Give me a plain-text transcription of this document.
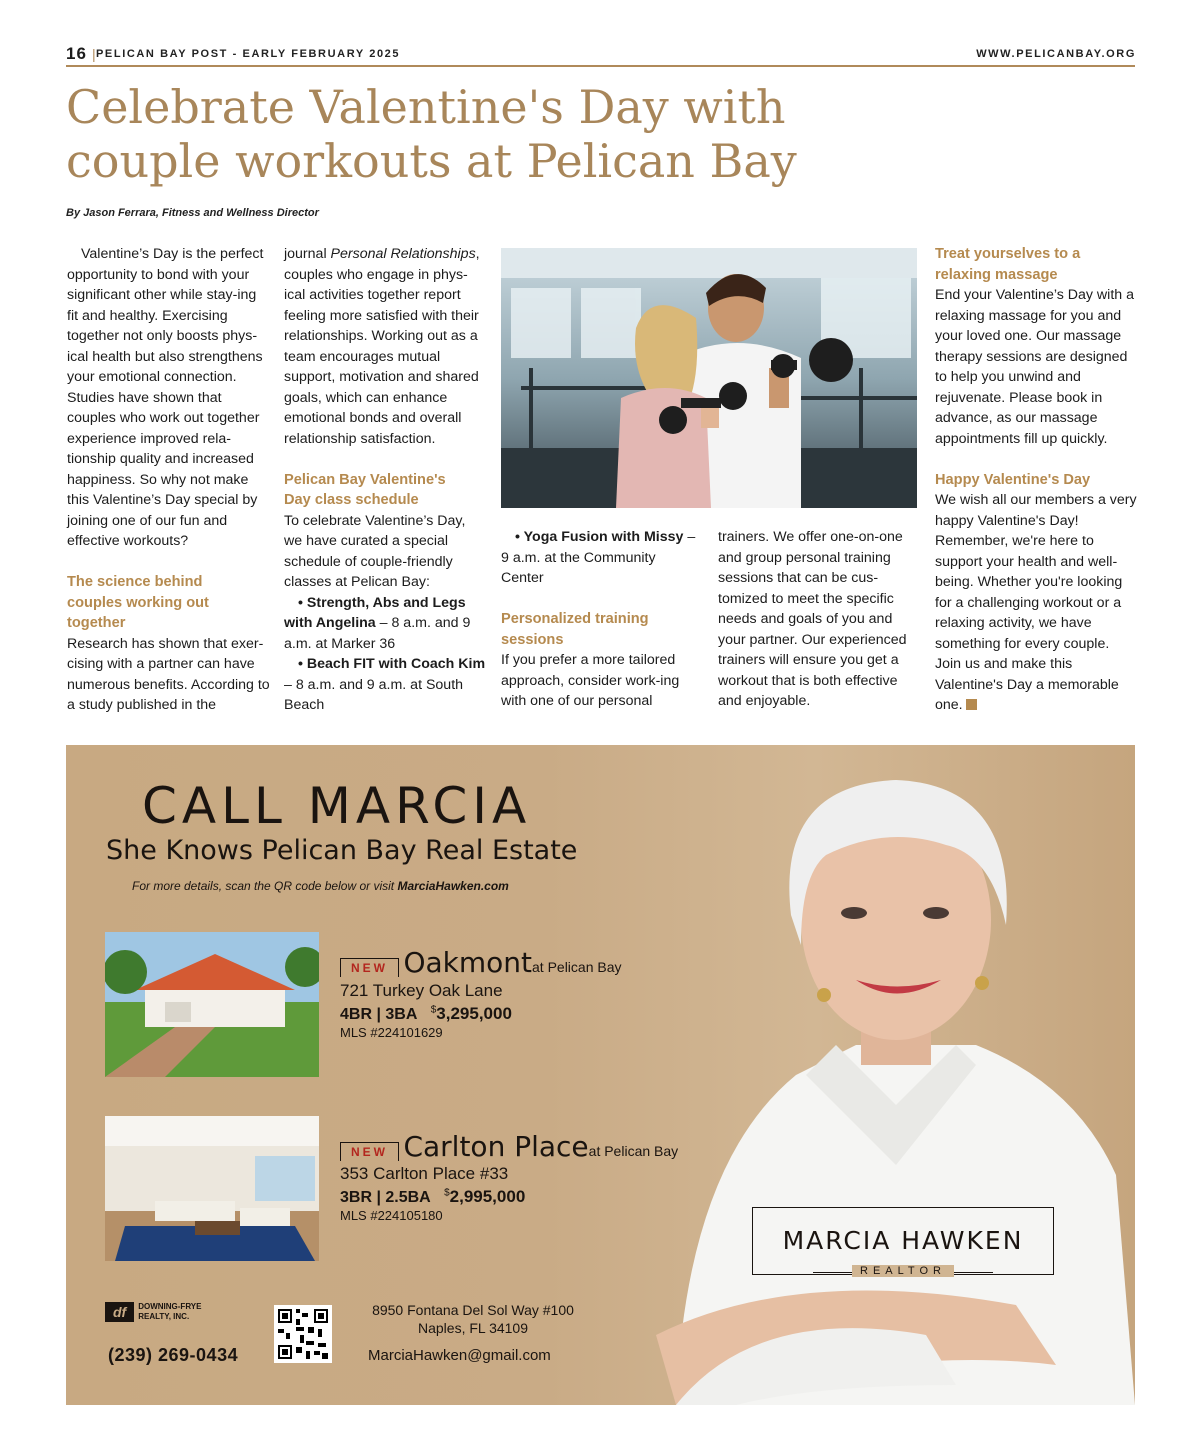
16 | PELICAN BAY POST - EARLY FEBRUARY 2025	WWW.PELICANBAY.ORG
Celebrate Valentine's Day with
couple workouts at Pelican Bay
By Jason Ferrara, Fitness and Wellness Director

Valentine’s Day is the perfect opportunity to bond with your significant other while stay-ing fit and healthy. Exercising together not only boosts phys-ical health but also strengthens your emotional connection. Studies have shown that couples who work out together experience improved rela-tionship quality and increased happiness. So why not make this Valentine’s Day special by joining one of our fun and effective workouts?

The science behind couples working out together

Research has shown that exer-cising with a partner can have numerous benefits. According to a study published in the

journal Personal Relationships, couples who engage in phys-ical activities together report feeling more satisfied with their relationships. Working out as a team encourages mutual support, motivation and shared goals, which can enhance emotional bonds and overall relationship satisfaction.

Pelican Bay Valentine's Day class schedule

To celebrate Valentine’s Day, we have curated a special schedule of couple-friendly classes at Pelican Bay:

• Strength, Abs and Legs with Angelina – 8 a.m. and 9 a.m. at Marker 36

• Beach FIT with Coach Kim – 8 a.m. and 9 a.m. at South Beach

• Yoga Fusion with Missy – 9 a.m. at the Community Center

Personalized training sessions

If you prefer a more tailored approach, consider work-ing with one of our personal

trainers. We offer one-on-one and group personal training sessions that can be cus-tomized to meet the specific needs and goals of you and your partner. Our experienced trainers will ensure you get a workout that is both effective and enjoyable.

Treat yourselves to a relaxing massage

End your Valentine’s Day with a relaxing massage for you and your loved one. Our massage therapy sessions are designed to help you unwind and rejuvenate. Please book in advance, as our massage appointments fill up quickly.

Happy Valentine's Day

We wish all our members a very happy Valentine's Day! Remember, we're here to support your health and well-being. Whether you're looking for a challenging workout or a relaxing activity, we have something for every couple. Join us and make this Valentine's Day a memorable one.

CALL MARCIA
She Knows Pelican Bay Real Estate
For more details, scan the QR code below or visit MarciaHawken.com
NEW Oakmontat Pelican Bay
721 Turkey Oak Lane
4BR | 3BA $3,295,000
MLS #224101629
NEW Carlton Placeat Pelican Bay
353 Carlton Place #33
3BR | 2.5BA $2,995,000
MLS #224105180
df	DOWNING-FRYE
REALTY, INC.
(239) 269-0434
8950 Fontana Del Sol Way #100
Naples, FL 34109
MarciaHawken@gmail.com
MARCIA HAWKEN
REALTOR
